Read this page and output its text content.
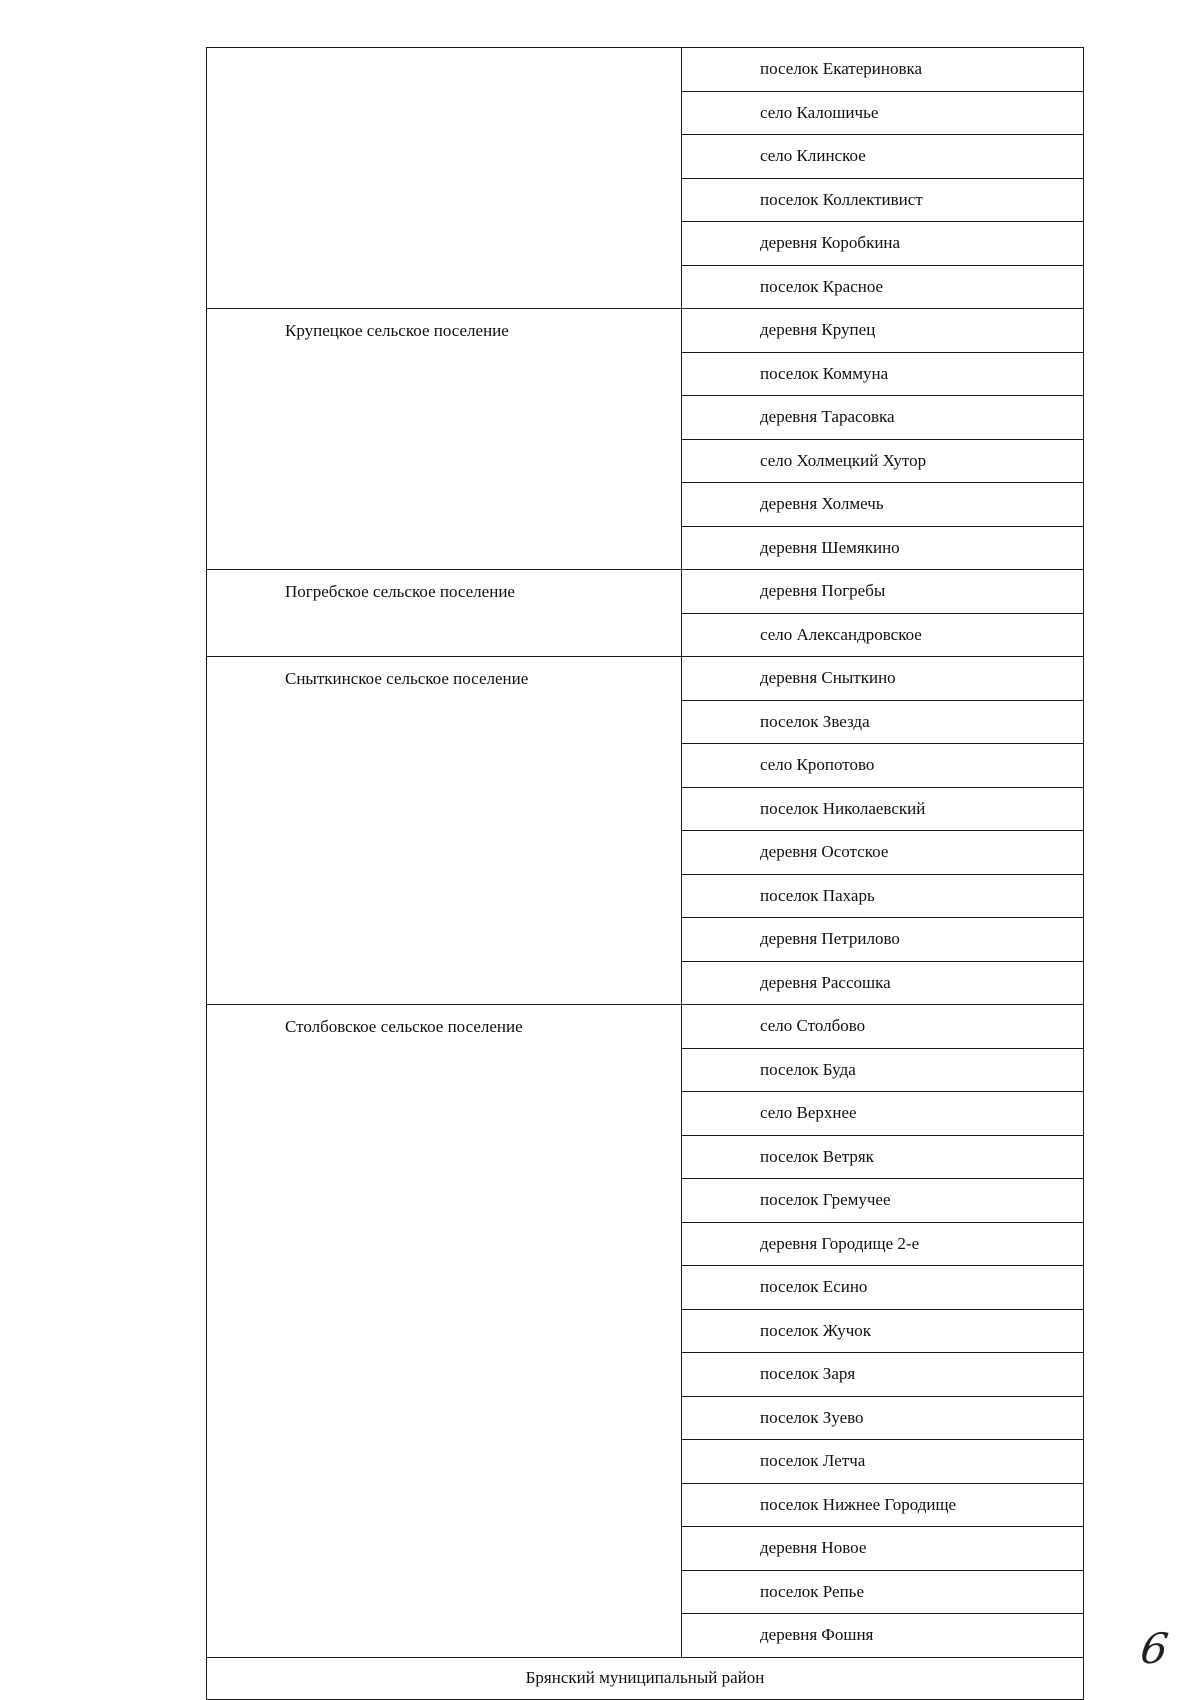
	поселок Екатериновка
	село Калошичье
	село Клинское
	поселок Коллективист
	деревня Коробкина
	поселок Красное
Крупецкое сельское поселение	деревня Крупец
	поселок Коммуна
	деревня Тарасовка
	село Холмецкий Хутор
	деревня Холмечь
	деревня Шемякино
Погребское сельское поселение	деревня Погребы
	село Александровское
Сныткинское сельское поселение	деревня Сныткино
	поселок Звезда
	село Кропотово
	поселок Николаевский
	деревня Осотское
	поселок Пахарь
	деревня Петрилово
	деревня Рассошка
Столбовское сельское поселение	село Столбово
	поселок Буда
	село Верхнее
	поселок Ветряк
	поселок Гремучее
	деревня Городище 2-е
	поселок Есино
	поселок Жучок
	поселок Заря
	поселок Зуево
	поселок Летча
	поселок Нижнее Городище
	деревня Новое
	поселок Репье
	деревня Фошня
Брянский муниципальный район	
6
